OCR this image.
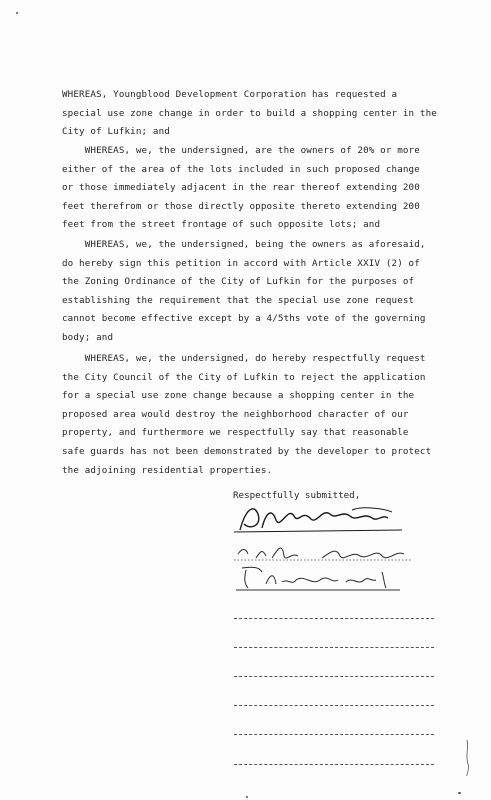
WHEREAS, Youngblood Development Corporation has requested a
special use zone change in order to build a shopping center in the
City of Lufkin; and
WHEREAS, we, the undersigned, are the owners of 20% or more
either of the area of the lots included in such proposed change
or those immediately adjacent in the rear thereof extending 200
feet therefrom or those directly opposite thereto extending 200
feet from the street frontage of such opposite lots; and
WHEREAS, we, the undersigned, being the owners as aforesaid,
do hereby sign this petition in accord with Article XXIV (2) of
the Zoning Ordinance of the City of Lufkin for the purposes of
establishing the requirement that the special use zone request
cannot become effective except by a 4/5ths vote of the governing
body; and
WHEREAS, we, the undersigned, do hereby respectfully request
the City Council of the City of Lufkin to reject the application
for a special use zone change because a shopping center in the
proposed area would destroy the neighborhood character of our
property, and furthermore we respectfully say that reasonable
safe guards has not been demonstrated by the developer to protect
the adjoining residential properties.
Respectfully submitted,
